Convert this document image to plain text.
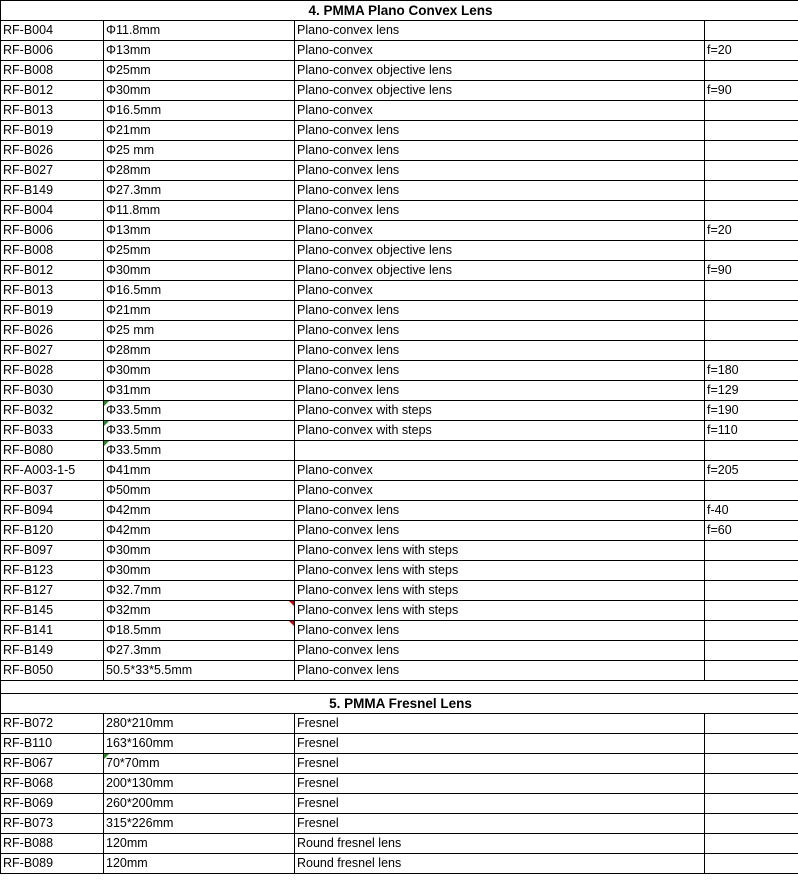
4. PMMA Plano Convex Lens			
RF-B004	Φ11.8mm	Plano-convex lens	
RF-B006	Φ13mm	Plano-convex	f=20
RF-B008	Φ25mm	Plano-convex objective lens	
RF-B012	Φ30mm	Plano-convex objective lens	f=90
RF-B013	Φ16.5mm	Plano-convex	
RF-B019	Φ21mm	Plano-convex lens	
RF-B026	Φ25 mm	Plano-convex lens	
RF-B027	Φ28mm	Plano-convex lens	
RF-B149	Φ27.3mm	Plano-convex lens	
RF-B004	Φ11.8mm	Plano-convex lens	
RF-B006	Φ13mm	Plano-convex	f=20
RF-B008	Φ25mm	Plano-convex objective lens	
RF-B012	Φ30mm	Plano-convex objective lens	f=90
RF-B013	Φ16.5mm	Plano-convex	
RF-B019	Φ21mm	Plano-convex lens	
RF-B026	Φ25 mm	Plano-convex lens	
RF-B027	Φ28mm	Plano-convex lens	
RF-B028	Φ30mm	Plano-convex lens	f=180
RF-B030	Φ31mm	Plano-convex lens	f=129
RF-B032	Φ33.5mm	Plano-convex with steps	f=190
RF-B033	Φ33.5mm	Plano-convex with steps	f=110
RF-B080	Φ33.5mm		
RF-A003-1-5	Φ41mm	Plano-convex	f=205
RF-B037	Φ50mm	Plano-convex	
RF-B094	Φ42mm	Plano-convex lens	f-40
RF-B120	Φ42mm	Plano-convex lens	f=60
RF-B097	Φ30mm	Plano-convex lens with steps	
RF-B123	Φ30mm	Plano-convex lens with steps	
RF-B127	Φ32.7mm	Plano-convex lens with steps	
RF-B145	Φ32mm	Plano-convex lens with steps	
RF-B141	Φ18.5mm	Plano-convex lens	
RF-B149	Φ27.3mm	Plano-convex lens	
RF-B050	50.5*33*5.5mm	Plano-convex lens	

5. PMMA Fresnel Lens			
RF-B072	280*210mm	Fresnel	
RF-B110	163*160mm	Fresnel	
RF-B067	70*70mm	Fresnel	
RF-B068	200*130mm	Fresnel	
RF-B069	260*200mm	Fresnel	
RF-B073	315*226mm	Fresnel	
RF-B088	120mm	Round fresnel lens	
RF-B089	120mm	Round fresnel lens	
